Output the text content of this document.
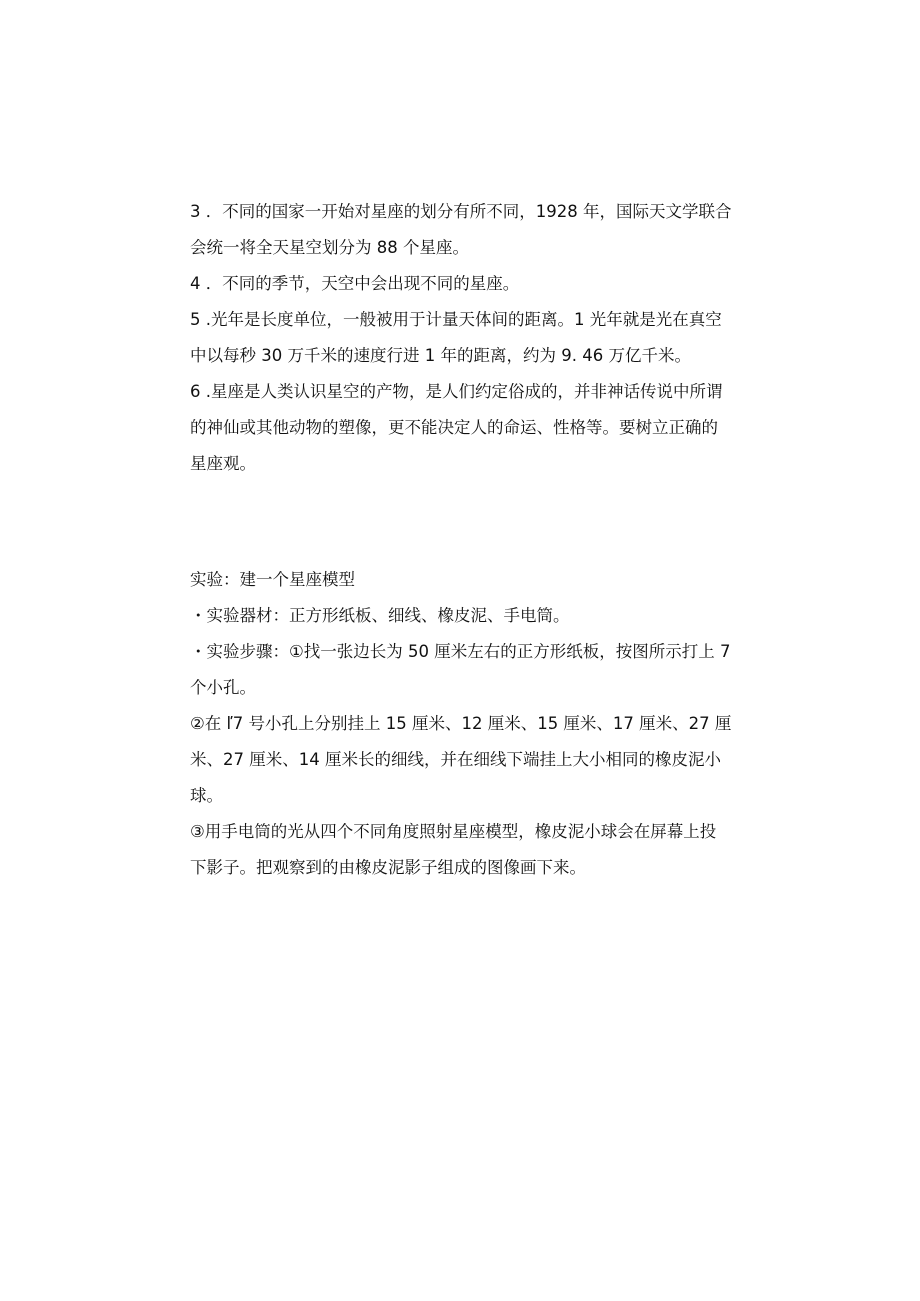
3 ．不同的国家一开始对星座的划分有所不同，1928 年，国际天文学联合
会统一将全天星空划分为 88 个星座。

4 ．不同的季节，天空中会出现不同的星座。

5 .光年是长度单位，一般被用于计量天体间的距离。1 光年就是光在真空
中以每秒 30 万千米的速度行进 1 年的距离，约为 9. 46 万亿千米。

6 .星座是人类认识星空的产物，是人们约定俗成的，并非神话传说中所谓
的神仙或其他动物的塑像，更不能决定人的命运、性格等。要树立正确的
星座观。

实验：建一个星座模型

・实验器材：正方形纸板、细线、橡皮泥、手电筒。

・实验步骤：①找一张边长为 50 厘米左右的正方形纸板，按图所示打上 7
个小孔。

②在 ľ7 号小孔上分别挂上 15 厘米、12 厘米、15 厘米、17 厘米、27 厘
米、27 厘米、14 厘米长的细线，并在细线下端挂上大小相同的橡皮泥小
球。

③用手电筒的光从四个不同角度照射星座模型，橡皮泥小球会在屏幕上投
下影子。把观察到的由橡皮泥影子组成的图像画下来。
